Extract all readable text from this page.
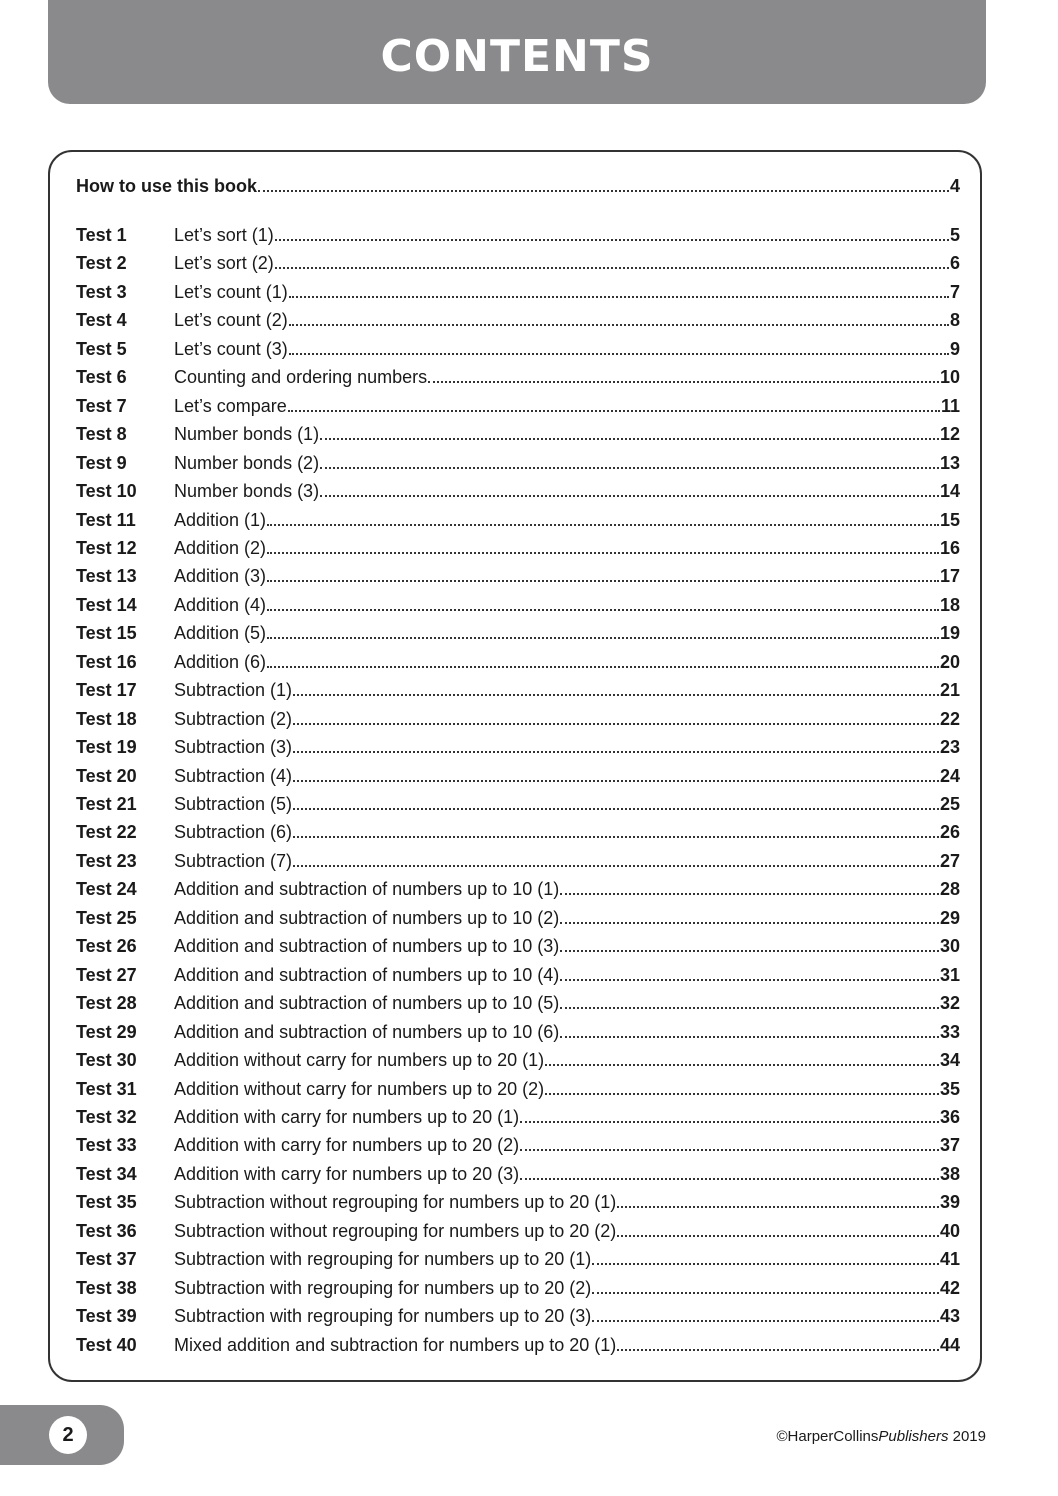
CONTENTS
How to use this book	4
Test 1	Let’s sort (1)	5
Test 2	Let’s sort (2)	6
Test 3	Let’s count (1)	7
Test 4	Let’s count (2)	8
Test 5	Let’s count (3)	9
Test 6	Counting and ordering numbers	10
Test 7	Let’s compare	11
Test 8	Number bonds (1)	12
Test 9	Number bonds (2)	13
Test 10	Number bonds (3)	14
Test 11	Addition (1)	15
Test 12	Addition (2)	16
Test 13	Addition (3)	17
Test 14	Addition (4)	18
Test 15	Addition (5)	19
Test 16	Addition (6)	20
Test 17	Subtraction (1)	21
Test 18	Subtraction (2)	22
Test 19	Subtraction (3)	23
Test 20	Subtraction (4)	24
Test 21	Subtraction (5)	25
Test 22	Subtraction (6)	26
Test 23	Subtraction (7)	27
Test 24	Addition and subtraction of numbers up to 10 (1)	28
Test 25	Addition and subtraction of numbers up to 10 (2)	29
Test 26	Addition and subtraction of numbers up to 10 (3)	30
Test 27	Addition and subtraction of numbers up to 10 (4)	31
Test 28	Addition and subtraction of numbers up to 10 (5)	32
Test 29	Addition and subtraction of numbers up to 10 (6)	33
Test 30	Addition without carry for numbers up to 20 (1)	34
Test 31	Addition without carry for numbers up to 20 (2)	35
Test 32	Addition with carry for numbers up to 20 (1)	36
Test 33	Addition with carry for numbers up to 20 (2)	37
Test 34	Addition with carry for numbers up to 20 (3)	38
Test 35	Subtraction without regrouping for numbers up to 20 (1)	39
Test 36	Subtraction without regrouping for numbers up to 20 (2)	40
Test 37	Subtraction with regrouping for numbers up to 20 (1)	41
Test 38	Subtraction with regrouping for numbers up to 20 (2)	42
Test 39	Subtraction with regrouping for numbers up to 20 (3)	43
Test 40	Mixed addition and subtraction for numbers up to 20 (1)	44
2	©HarperCollinsPublishers 2019
